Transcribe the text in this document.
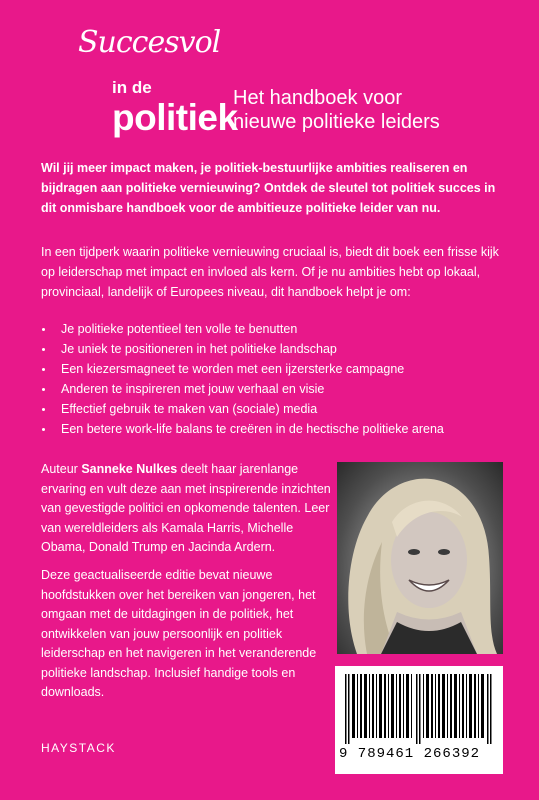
Succesvol
in de
politiek
Het handboek voor
nieuwe politieke leiders
Wil jij meer impact maken, je politiek-bestuurlijke ambities realiseren en bijdragen aan politieke vernieuwing? Ontdek de sleutel tot politiek succes in dit onmisbare handboek voor de ambitieuze politieke leider van nu.
In een tijdperk waarin politieke vernieuwing cruciaal is, biedt dit boek een frisse kijk op leiderschap met impact en invloed als kern. Of je nu ambities hebt op lokaal, provinciaal, landelijk of Europees niveau, dit handboek helpt je om:
Je politieke potentieel ten volle te benutten
Je uniek te positioneren in het politieke landschap
Een kiezersmagneet te worden met een ijzersterke campagne
Anderen te inspireren met jouw verhaal en visie
Effectief gebruik te maken van (sociale) media
Een betere work-life balans te creëren in de hectische politieke arena
Auteur Sanneke Nulkes deelt haar jarenlange ervaring en vult deze aan met inspirerende inzichten van gevestigde politici en opkomende talenten. Leer van wereldleiders als Kamala Harris, Michelle Obama, Donald Trump en Jacinda Ardern.
Deze geactualiseerde editie bevat nieuwe hoofdstukken over het bereiken van jongeren, het omgaan met de uitdagingen in de politiek, het ontwikkelen van jouw persoonlijk en politiek leiderschap en het navigeren in het veranderende politieke landschap. Inclusief handige tools en downloads.
HAYSTACK	9 789461 266392
